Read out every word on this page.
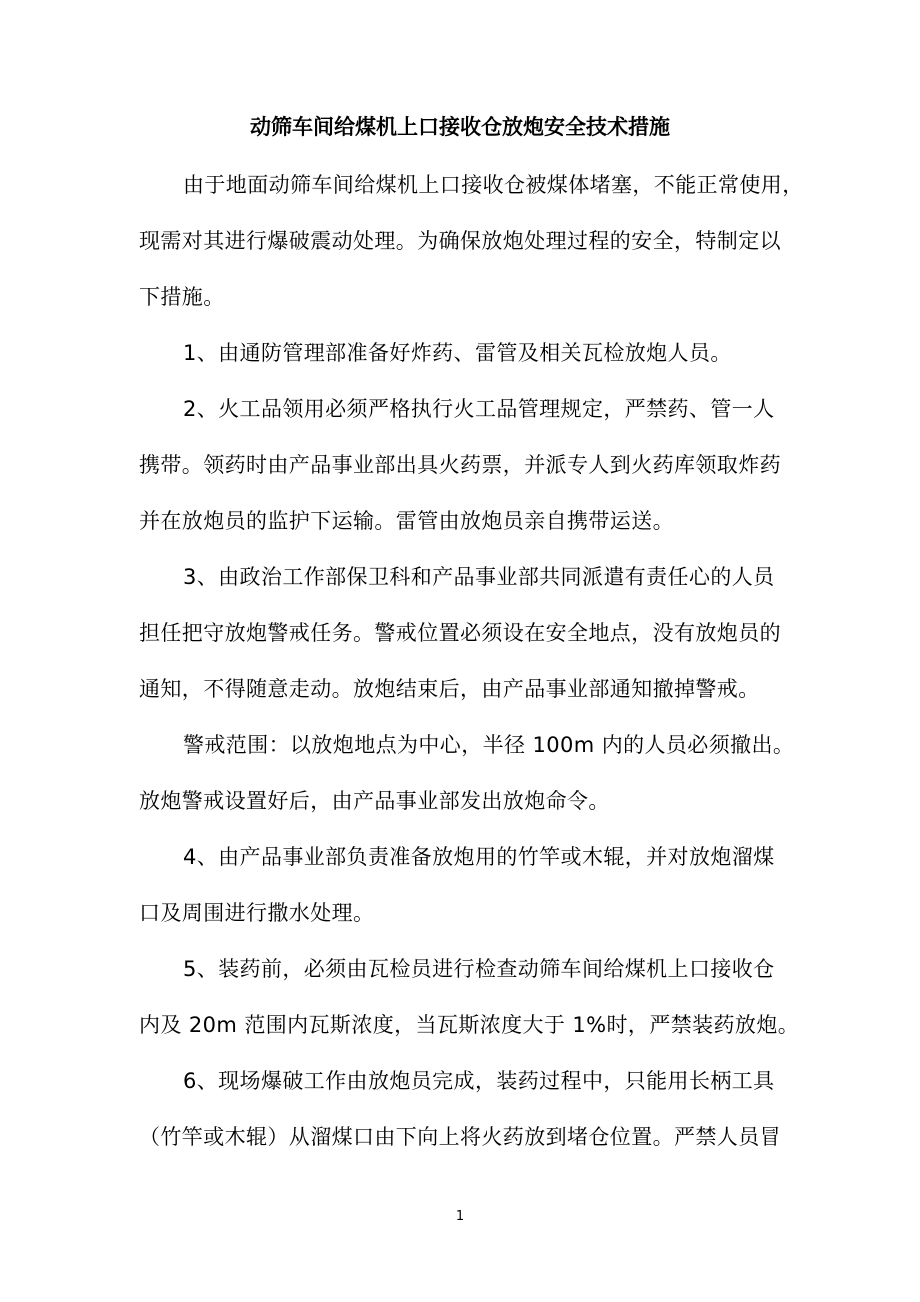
动筛车间给煤机上口接收仓放炮安全技术措施
由于地面动筛车间给煤机上口接收仓被煤体堵塞，不能正常使用，
现需对其进行爆破震动处理。为确保放炮处理过程的安全，特制定以
下措施。
1、由通防管理部准备好炸药、雷管及相关瓦检放炮人员。
2、火工品领用必须严格执行火工品管理规定，严禁药、管一人
携带。领药时由产品事业部出具火药票，并派专人到火药库领取炸药
并在放炮员的监护下运输。雷管由放炮员亲自携带运送。
3、由政治工作部保卫科和产品事业部共同派遣有责任心的人员
担任把守放炮警戒任务。警戒位置必须设在安全地点，没有放炮员的
通知，不得随意走动。放炮结束后，由产品事业部通知撤掉警戒。
警戒范围：以放炮地点为中心，半径 100m 内的人员必须撤出。
放炮警戒设置好后，由产品事业部发出放炮命令。
4、由产品事业部负责准备放炮用的竹竿或木辊，并对放炮溜煤
口及周围进行撒水处理。
5、装药前，必须由瓦检员进行检查动筛车间给煤机上口接收仓
内及 20m 范围内瓦斯浓度，当瓦斯浓度大于 1%时，严禁装药放炮。
6、现场爆破工作由放炮员完成，装药过程中，只能用长柄工具
（竹竿或木辊）从溜煤口由下向上将火药放到堵仓位置。严禁人员冒
1
